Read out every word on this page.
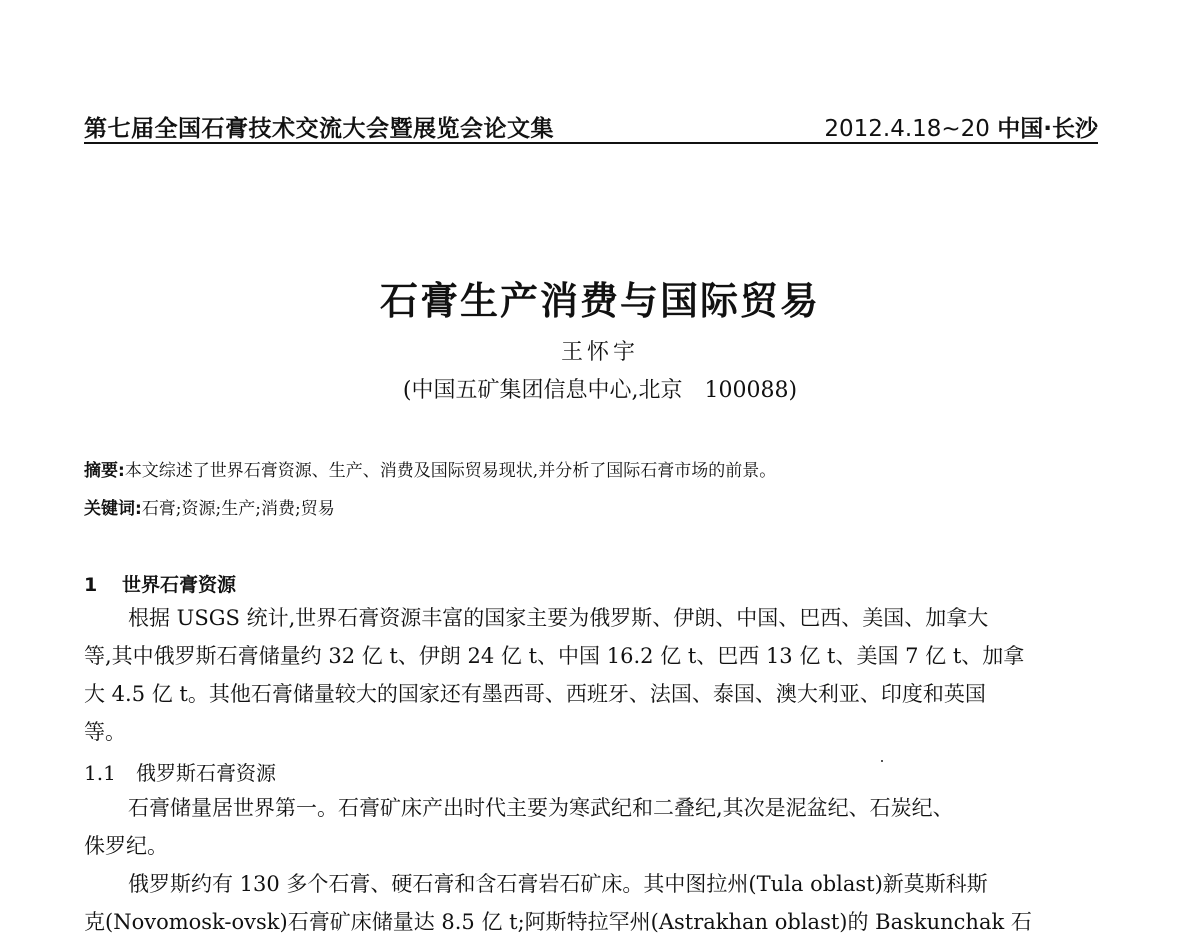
第七届全国石膏技术交流大会暨展览会论文集	2012.4.18~20 中国·长沙
石膏生产消费与国际贸易
王怀宇
(中国五矿集团信息中心,北京 100088)
摘要:本文综述了世界石膏资源、生产、消费及国际贸易现状,并分析了国际石膏市场的前景。
关键词:石膏;资源;生产;消费;贸易
1 世界石膏资源
根据 USGS 统计,世界石膏资源丰富的国家主要为俄罗斯、伊朗、中国、巴西、美国、加拿大
等,其中俄罗斯石膏储量约 32 亿 t、伊朗 24 亿 t、中国 16.2 亿 t、巴西 13 亿 t、美国 7 亿 t、加拿
大 4.5 亿 t。其他石膏储量较大的国家还有墨西哥、西班牙、法国、泰国、澳大利亚、印度和英国
等。
1.1 俄罗斯石膏资源
石膏储量居世界第一。石膏矿床产出时代主要为寒武纪和二叠纪,其次是泥盆纪、石炭纪、
侏罗纪。
俄罗斯约有 130 多个石膏、硬石膏和含石膏岩石矿床。其中图拉州(Tula oblast)新莫斯科斯
克(Novomosk-ovsk)石膏矿床储量达 8.5 亿 t;阿斯特拉罕州(Astrakhan oblast)的 Baskunchak 石
